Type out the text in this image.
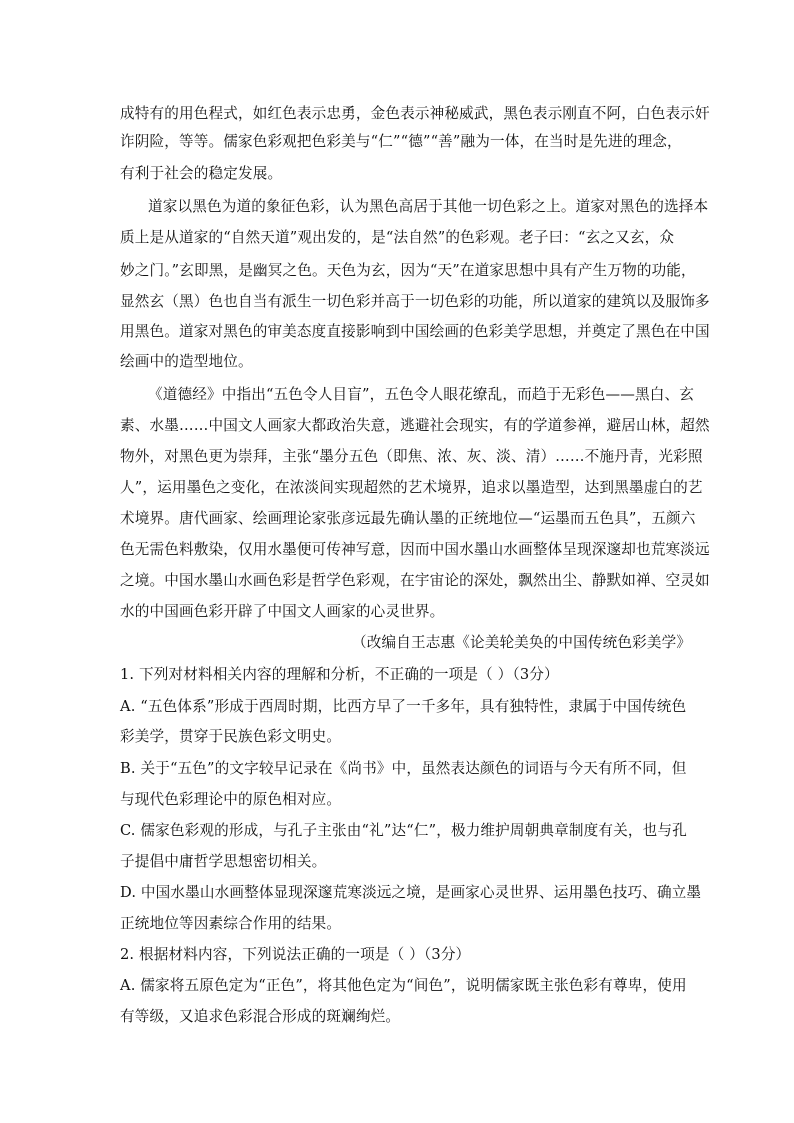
成特有的用色程式，如红色表示忠勇，金色表示神秘威武，黑色表示刚直不阿，白色表示奸
诈阴险，等等。儒家色彩观把色彩美与“仁”“德”“善”融为一体，在当时是先进的理念，
有利于社会的稳定发展。
道家以黑色为道的象征色彩，认为黑色高居于其他一切色彩之上。道家对黑色的选择本
质上是从道家的“自然天道”观出发的，是“法自然”的色彩观。老子曰：“玄之又玄，众
妙之门。”玄即黑，是幽冥之色。天色为玄，因为“天”在道家思想中具有产生万物的功能，
显然玄（黑）色也自当有派生一切色彩并高于一切色彩的功能，所以道家的建筑以及服饰多
用黑色。道家对黑色的审美态度直接影响到中国绘画的色彩美学思想，并奠定了黑色在中国
绘画中的造型地位。
《道德经》中指出“五色令人目盲”，五色令人眼花缭乱，而趋于无彩色——黑白、玄
素、水墨……中国文人画家大都政治失意，逃避社会现实，有的学道参禅，避居山林，超然
物外，对黑色更为崇拜，主张“墨分五色（即焦、浓、灰、淡、清）……不施丹青，光彩照
人”，运用墨色之变化，在浓淡间实现超然的艺术境界，追求以墨造型，达到黑墨虚白的艺
术境界。唐代画家、绘画理论家张彦远最先确认墨的正统地位—“运墨而五色具”，五颜六
色无需色料敷染，仅用水墨便可传神写意，因而中国水墨山水画整体呈现深邃却也荒寒淡远
之境。中国水墨山水画色彩是哲学色彩观，在宇宙论的深处，飘然出尘、静默如禅、空灵如
水的中国画色彩开辟了中国文人画家的心灵世界。
（改编自王志惠《论美轮美奂的中国传统色彩美学》
1. 下列对材料相关内容的理解和分析，不正确的一项是（ ）（3分）
A. “五色体系”形成于西周时期，比西方早了一千多年，具有独特性，隶属于中国传统色
彩美学，贯穿于民族色彩文明史。
B. 关于“五色”的文字较早记录在《尚书》中，虽然表达颜色的词语与今天有所不同，但
与现代色彩理论中的原色相对应。
C. 儒家色彩观的形成，与孔子主张由“礼”达“仁”，极力维护周朝典章制度有关，也与孔
子提倡中庸哲学思想密切相关。
D. 中国水墨山水画整体显现深邃荒寒淡远之境，是画家心灵世界、运用墨色技巧、确立墨
正统地位等因素综合作用的结果。
2. 根据材料内容，下列说法正确的一项是（ ）（3分）
A. 儒家将五原色定为“正色”，将其他色定为“间色”，说明儒家既主张色彩有尊卑，使用
有等级，又追求色彩混合形成的斑斓绚烂。
